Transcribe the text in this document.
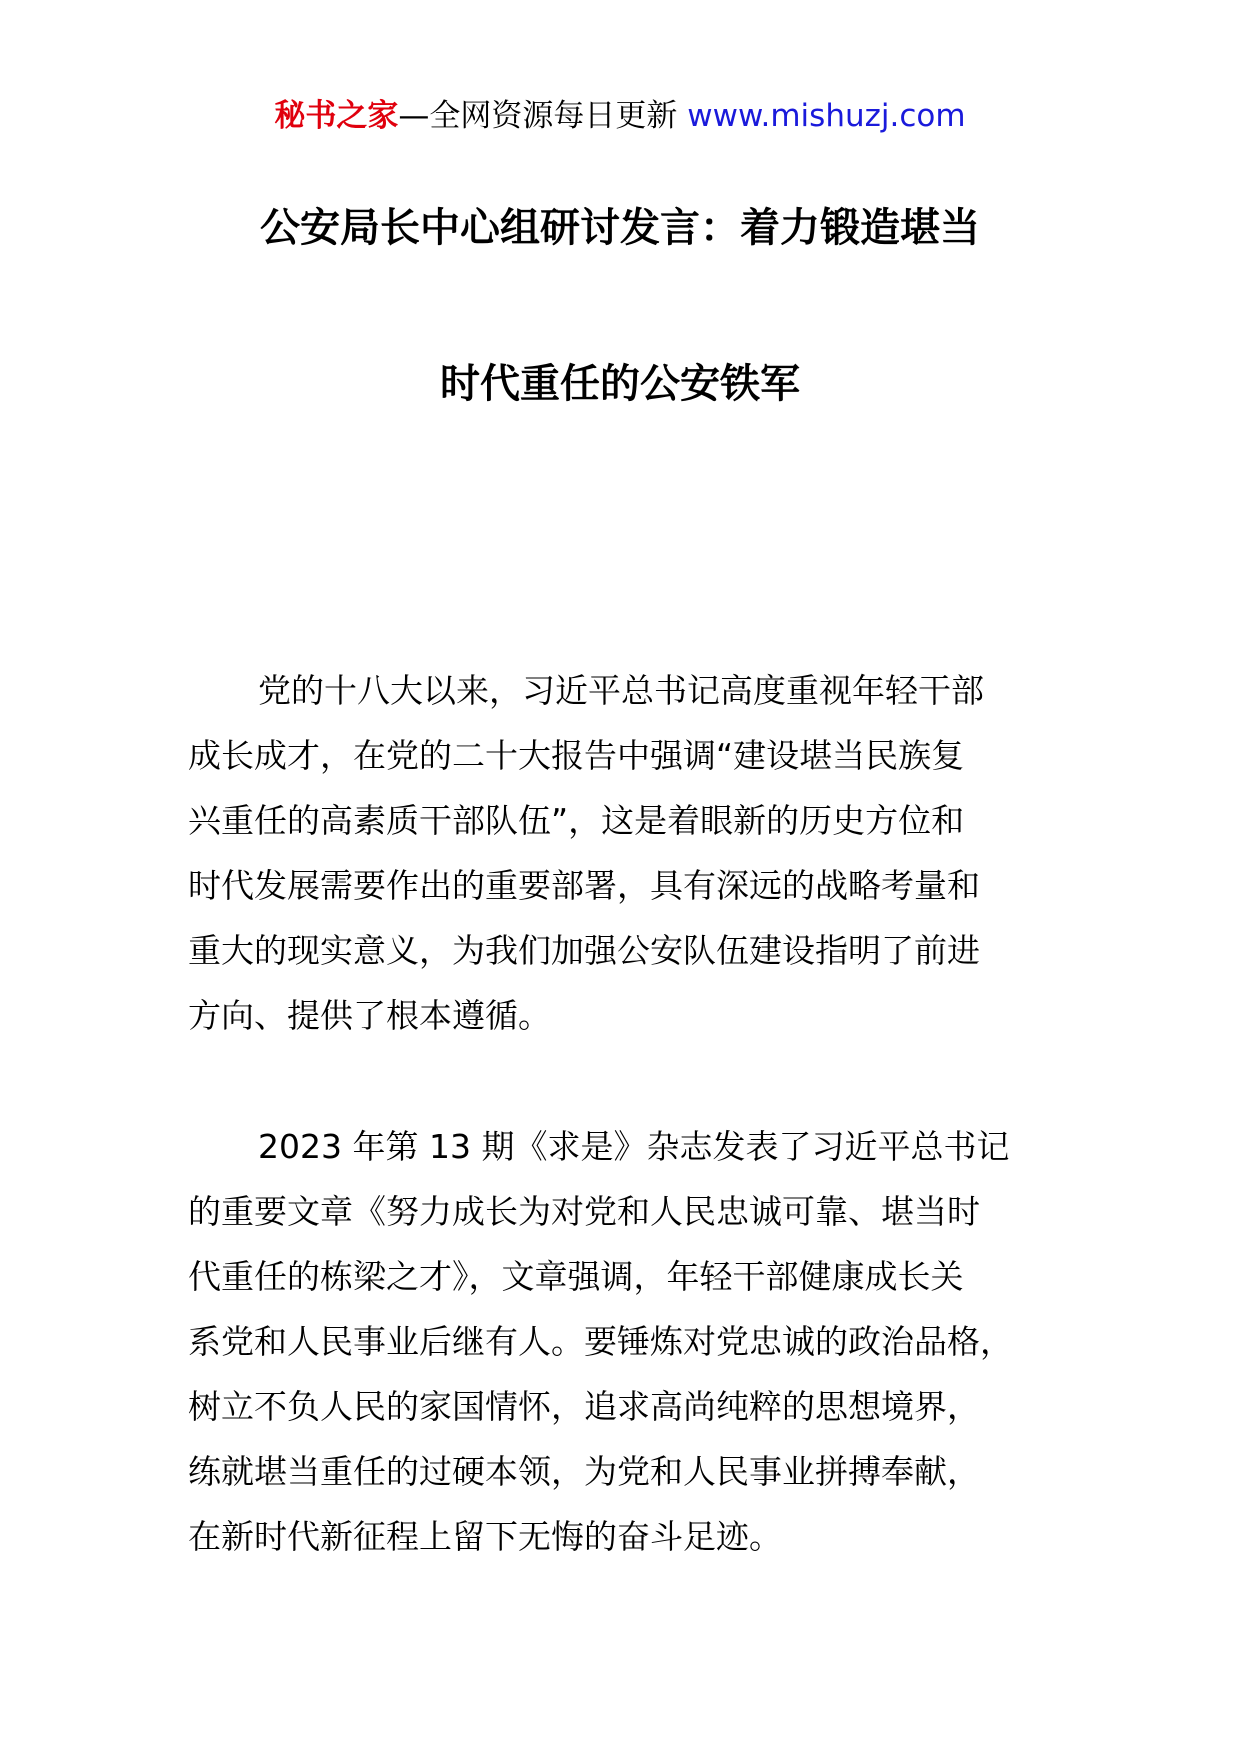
秘书之家—全网资源每日更新 www.mishuzj.com
公安局长中心组研讨发言：着力锻造堪当
时代重任的公安铁军
党的十八大以来，习近平总书记高度重视年轻干部
成长成才，在党的二十大报告中强调“建设堪当民族复
兴重任的高素质干部队伍”，这是着眼新的历史方位和
时代发展需要作出的重要部署，具有深远的战略考量和
重大的现实意义，为我们加强公安队伍建设指明了前进
方向、提供了根本遵循。
2023 年第 13 期《求是》杂志发表了习近平总书记
的重要文章《努力成长为对党和人民忠诚可靠、堪当时
代重任的栋梁之才》，文章强调，年轻干部健康成长关
系党和人民事业后继有人。要锤炼对党忠诚的政治品格，
树立不负人民的家国情怀，追求高尚纯粹的思想境界，
练就堪当重任的过硬本领，为党和人民事业拼搏奉献，
在新时代新征程上留下无悔的奋斗足迹。
